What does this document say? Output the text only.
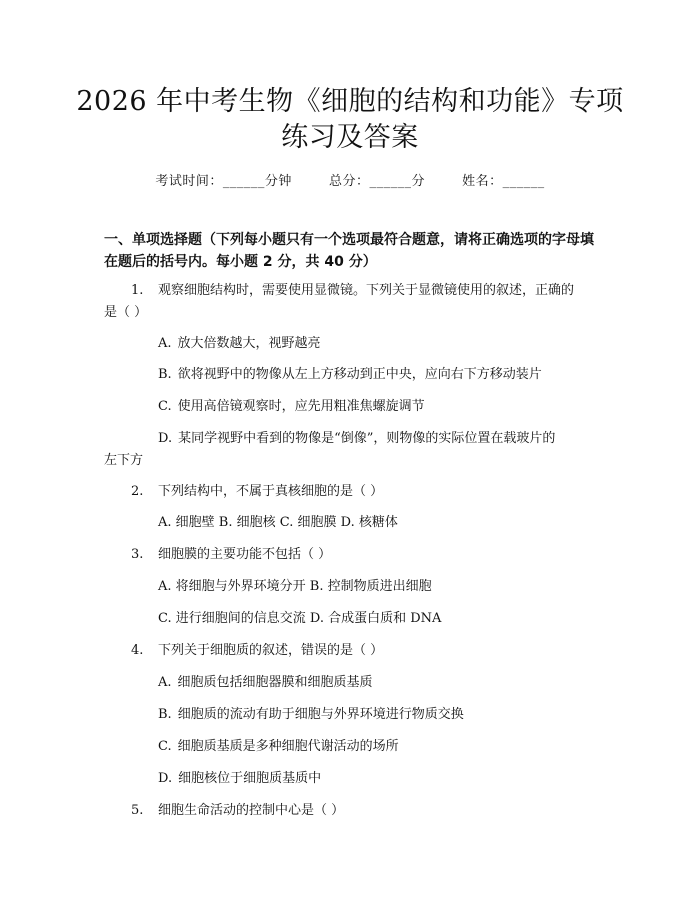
2026 年中考生物《细胞的结构和功能》专项
练习及答案
考试时间：______分钟	总分：______分	姓名：______
一、单项选择题（下列每小题只有一个选项最符合题意，请将正确选项的字母填
在题后的括号内。每小题 2 分，共 40 分）
1. 观察细胞结构时，需要使用显微镜。下列关于显微镜使用的叙述，正确的
是（ ）
A. 放大倍数越大，视野越亮
B. 欲将视野中的物像从左上方移动到正中央，应向右下方移动装片
C. 使用高倍镜观察时，应先用粗准焦螺旋调节
D. 某同学视野中看到的物像是“倒像”，则物像的实际位置在载玻片的
左下方
2. 下列结构中，不属于真核细胞的是（ ）
A. 细胞壁 B. 细胞核 C. 细胞膜 D. 核糖体
3. 细胞膜的主要功能不包括（ ）
A. 将细胞与外界环境分开 B. 控制物质进出细胞
C. 进行细胞间的信息交流 D. 合成蛋白质和 DNA
4. 下列关于细胞质的叙述，错误的是（ ）
A. 细胞质包括细胞器膜和细胞质基质
B. 细胞质的流动有助于细胞与外界环境进行物质交换
C. 细胞质基质是多种细胞代谢活动的场所
D. 细胞核位于细胞质基质中
5. 细胞生命活动的控制中心是（ ）
